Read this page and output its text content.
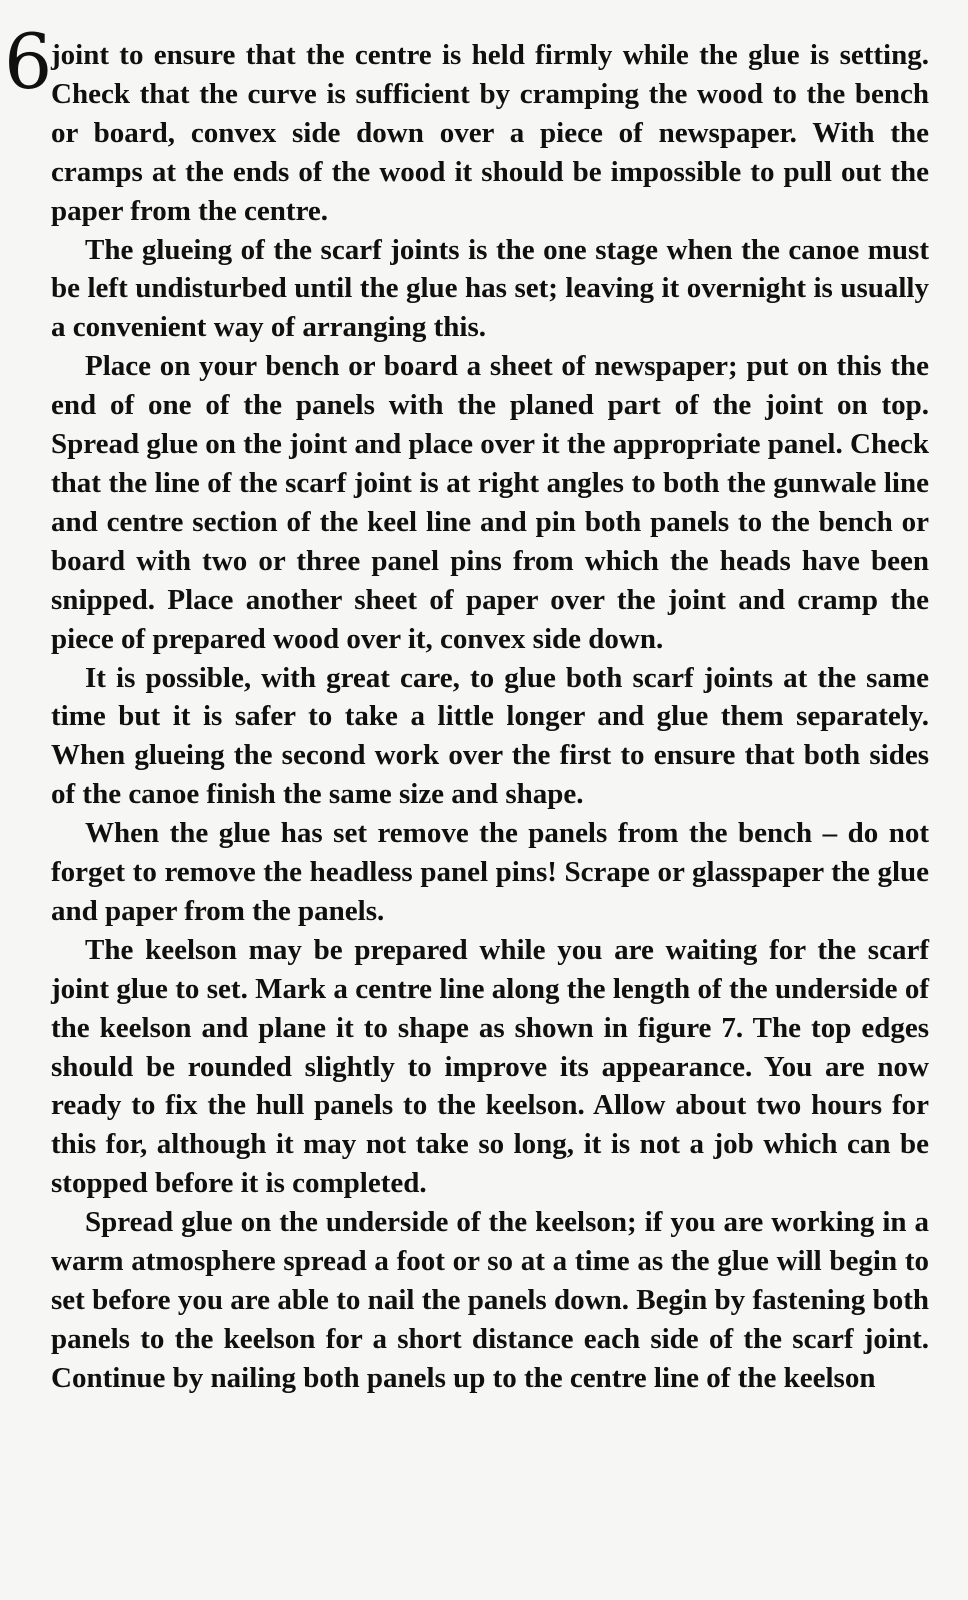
6

joint to ensure that the centre is held firmly while the glue is setting. Check that the curve is sufficient by cramping the wood to the bench or board, convex side down over a piece of newspaper. With the cramps at the ends of the wood it should be impossible to pull out the paper from the centre.

The glueing of the scarf joints is the one stage when the canoe must be left undisturbed until the glue has set; leaving it overnight is usually a convenient way of arranging this.

Place on your bench or board a sheet of newspaper; put on this the end of one of the panels with the planed part of the joint on top. Spread glue on the joint and place over it the appropriate panel. Check that the line of the scarf joint is at right angles to both the gunwale line and centre section of the keel line and pin both panels to the bench or board with two or three panel pins from which the heads have been snipped. Place another sheet of paper over the joint and cramp the piece of prepared wood over it, convex side down.

It is possible, with great care, to glue both scarf joints at the same time but it is safer to take a little longer and glue them separately. When glueing the second work over the first to ensure that both sides of the canoe finish the same size and shape.

When the glue has set remove the panels from the bench – do not forget to remove the headless panel pins! Scrape or glasspaper the glue and paper from the panels.

The keelson may be prepared while you are waiting for the scarf joint glue to set. Mark a centre line along the length of the underside of the keelson and plane it to shape as shown in figure 7. The top edges should be rounded slightly to improve its appearance. You are now ready to fix the hull panels to the keelson. Allow about two hours for this for, although it may not take so long, it is not a job which can be stopped before it is completed.

Spread glue on the underside of the keelson; if you are working in a warm atmosphere spread a foot or so at a time as the glue will begin to set before you are able to nail the panels down. Begin by fastening both panels to the keelson for a short distance each side of the scarf joint. Continue by nailing both panels up to the centre line of the keelson
